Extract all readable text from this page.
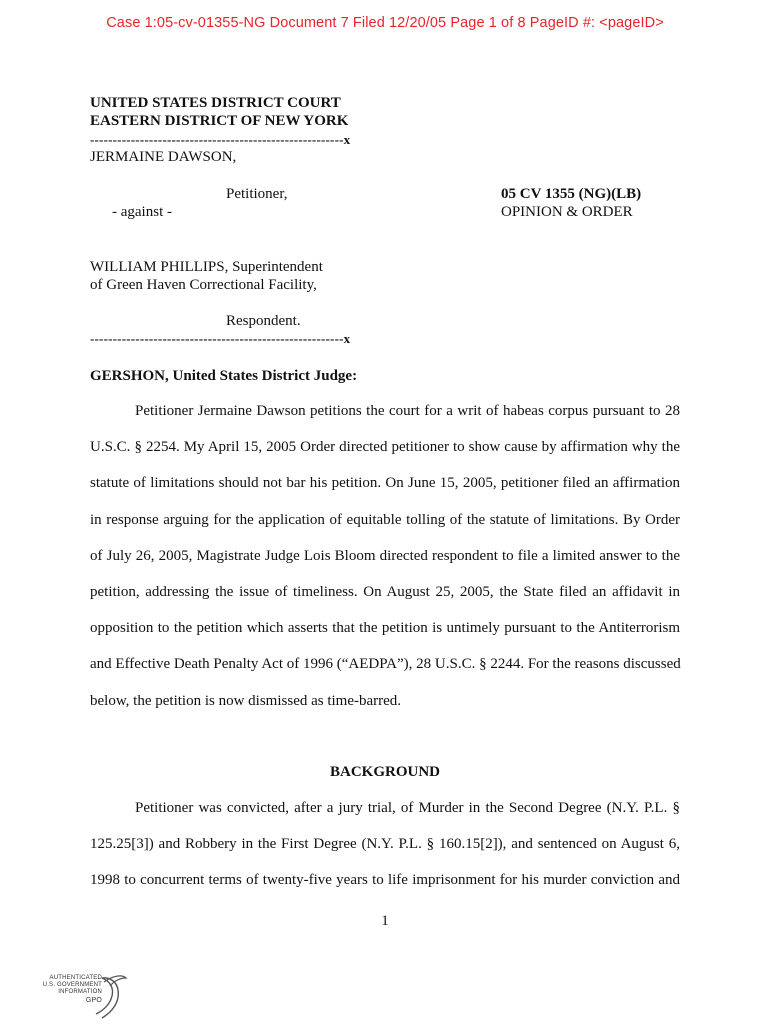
Case 1:05-cv-01355-NG Document 7 Filed 12/20/05 Page 1 of 8 PageID #: <pageID>
UNITED STATES DISTRICT COURT
EASTERN DISTRICT OF NEW YORK
--------------------------------------------------------x
JERMAINE DAWSON,
Petitioner,
- against -
WILLIAM PHILLIPS, Superintendent
of Green Haven Correctional Facility,
Respondent.
--------------------------------------------------------x
05 CV 1355 (NG)(LB)
OPINION & ORDER
GERSHON, United States District Judge:
Petitioner Jermaine Dawson petitions the court for a writ of habeas corpus pursuant to 28
U.S.C. § 2254. My April 15, 2005 Order directed petitioner to show cause by affirmation why the
statute of limitations should not bar his petition. On June 15, 2005, petitioner filed an affirmation
in response arguing for the application of equitable tolling of the statute of limitations. By Order
of July 26, 2005, Magistrate Judge Lois Bloom directed respondent to file a limited answer to the
petition, addressing the issue of timeliness. On August 25, 2005, the State filed an affidavit in
opposition to the petition which asserts that the petition is untimely pursuant to the Antiterrorism
and Effective Death Penalty Act of 1996 (“AEDPA”), 28 U.S.C. § 2244. For the reasons discussed
below, the petition is now dismissed as time-barred.
BACKGROUND
Petitioner was convicted, after a jury trial, of Murder in the Second Degree (N.Y. P.L. §
125.25[3]) and Robbery in the First Degree (N.Y. P.L. § 160.15[2]), and sentenced on August 6,
1998 to concurrent terms of twenty-five years to life imprisonment for his murder conviction and
1
AUTHENTICATED
U.S. GOVERNMENT
INFORMATION
GPO
